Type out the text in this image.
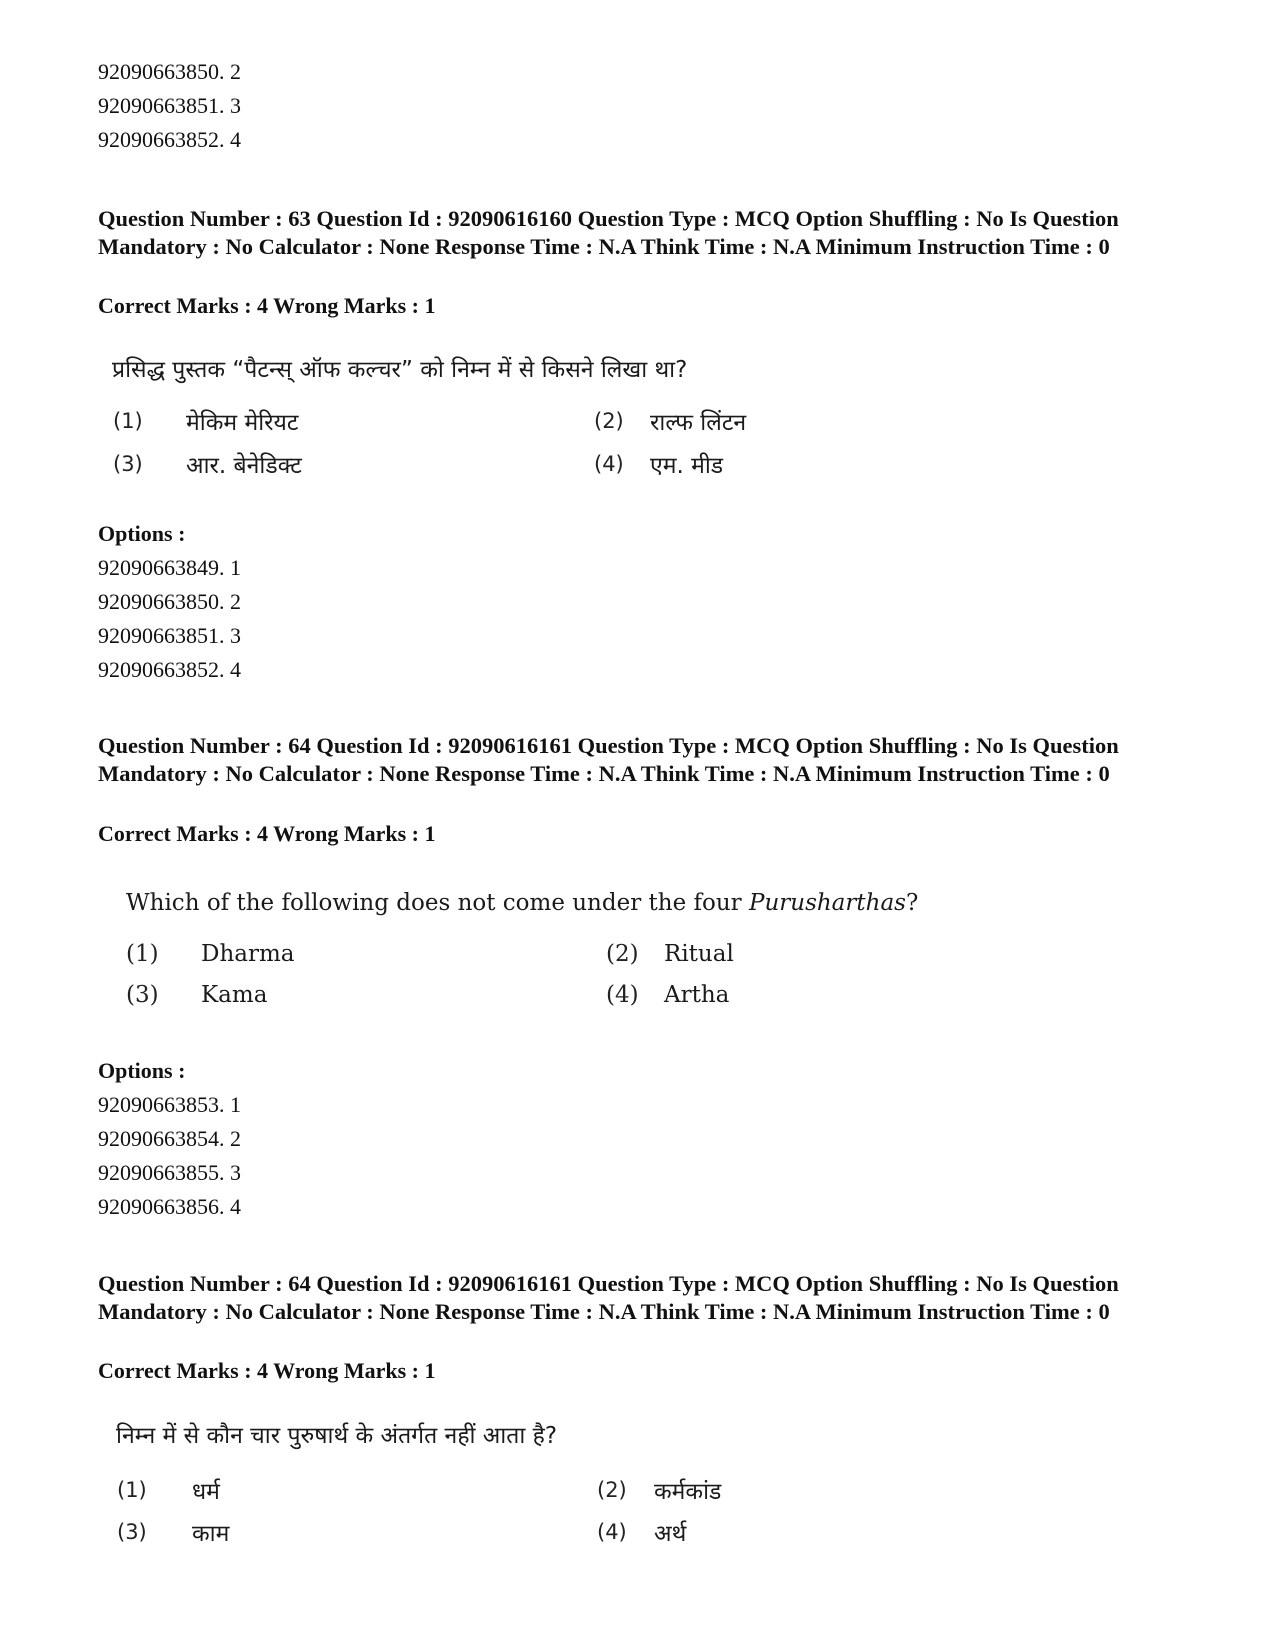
92090663850. 2
92090663851. 3
92090663852. 4
Question Number : 63 Question Id : 92090616160 Question Type : MCQ Option Shuffling : No Is Question Mandatory : No Calculator : None Response Time : N.A Think Time : N.A Minimum Instruction Time : 0
Correct Marks : 4 Wrong Marks : 1
प्रसिद्ध पुस्तक “पैटन्स् ऑफ कल्चर” को निम्न में से किसने लिखा था?
(1) मेकिम मेरियट	(2) राल्फ लिंटन
(3) आर. बेनेडिक्ट	(4) एम. मीड
Options :
92090663849. 1
92090663850. 2
92090663851. 3
92090663852. 4
Question Number : 64 Question Id : 92090616161 Question Type : MCQ Option Shuffling : No Is Question Mandatory : No Calculator : None Response Time : N.A Think Time : N.A Minimum Instruction Time : 0
Correct Marks : 4 Wrong Marks : 1
Which of the following does not come under the four Purusharthas?
(1) Dharma	(2) Ritual
(3) Kama	(4) Artha
Options :
92090663853. 1
92090663854. 2
92090663855. 3
92090663856. 4
Question Number : 64 Question Id : 92090616161 Question Type : MCQ Option Shuffling : No Is Question Mandatory : No Calculator : None Response Time : N.A Think Time : N.A Minimum Instruction Time : 0
Correct Marks : 4 Wrong Marks : 1
निम्न में से कौन चार पुरुषार्थ के अंतर्गत नहीं आता है?
(1) धर्म	(2) कर्मकांड
(3) काम	(4) अर्थ
